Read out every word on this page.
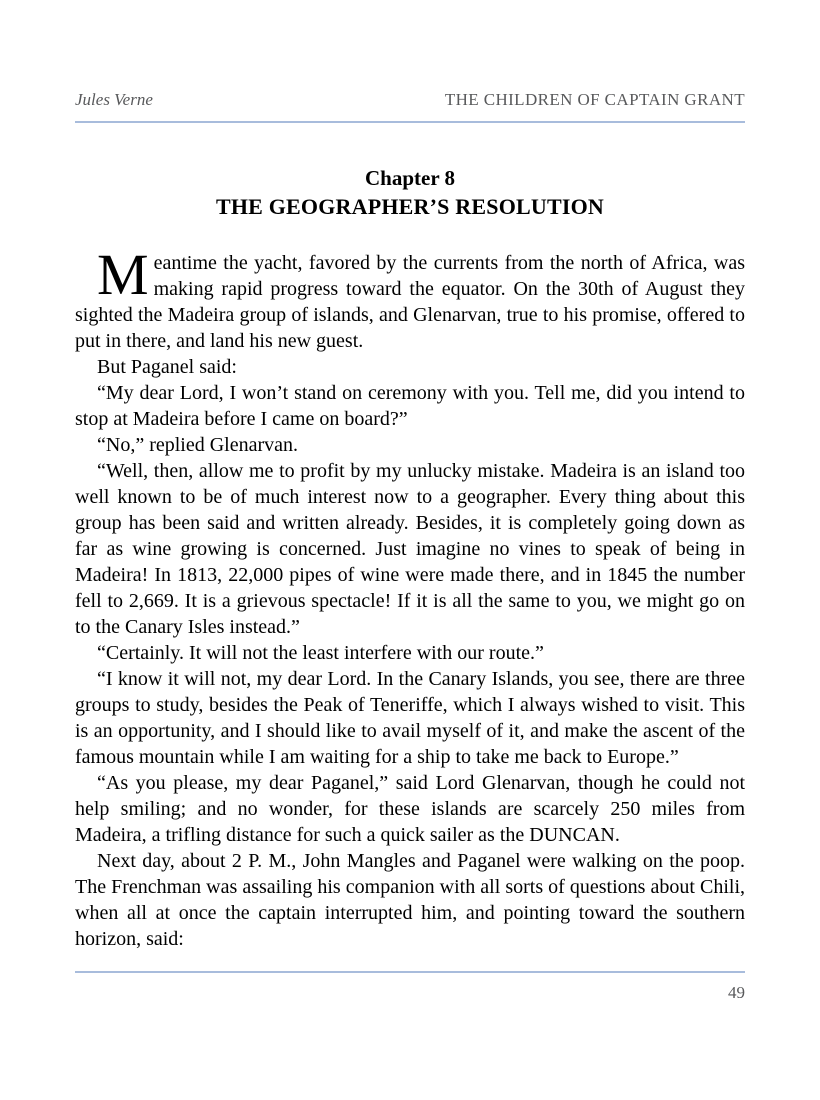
Jules Verne	THE CHILDREN OF CAPTAIN GRANT
Chapter 8
THE GEOGRAPHER’S RESOLUTION

Meantime the yacht, favored by the currents from the north of Africa, was making rapid progress toward the equator. On the 30th of August they sighted the Madeira group of islands, and Glenarvan, true to his promise, offered to put in there, and land his new guest.

But Paganel said:

“My dear Lord, I won’t stand on ceremony with you. Tell me, did you intend to stop at Madeira before I came on board?”

“No,” replied Glenarvan.

“Well, then, allow me to profit by my unlucky mistake. Madeira is an island too well known to be of much interest now to a geographer. Every thing about this group has been said and written already. Besides, it is completely going down as far as wine growing is concerned. Just imagine no vines to speak of being in Madeira! In 1813, 22,000 pipes of wine were made there, and in 1845 the number fell to 2,669. It is a grievous spectacle! If it is all the same to you, we might go on to the Canary Isles instead.”

“Certainly. It will not the least interfere with our route.”

“I know it will not, my dear Lord. In the Canary Islands, you see, there are three groups to study, besides the Peak of Teneriffe, which I always wished to visit. This is an opportunity, and I should like to avail myself of it, and make the ascent of the famous mountain while I am waiting for a ship to take me back to Europe.”

“As you please, my dear Paganel,” said Lord Glenarvan, though he could not help smiling; and no wonder, for these islands are scarcely 250 miles from Madeira, a trifling distance for such a quick sailer as the DUNCAN.

Next day, about 2 P. M., John Mangles and Paganel were walking on the poop. The Frenchman was assailing his companion with all sorts of questions about Chili, when all at once the captain interrupted him, and pointing toward the southern horizon, said:

49
